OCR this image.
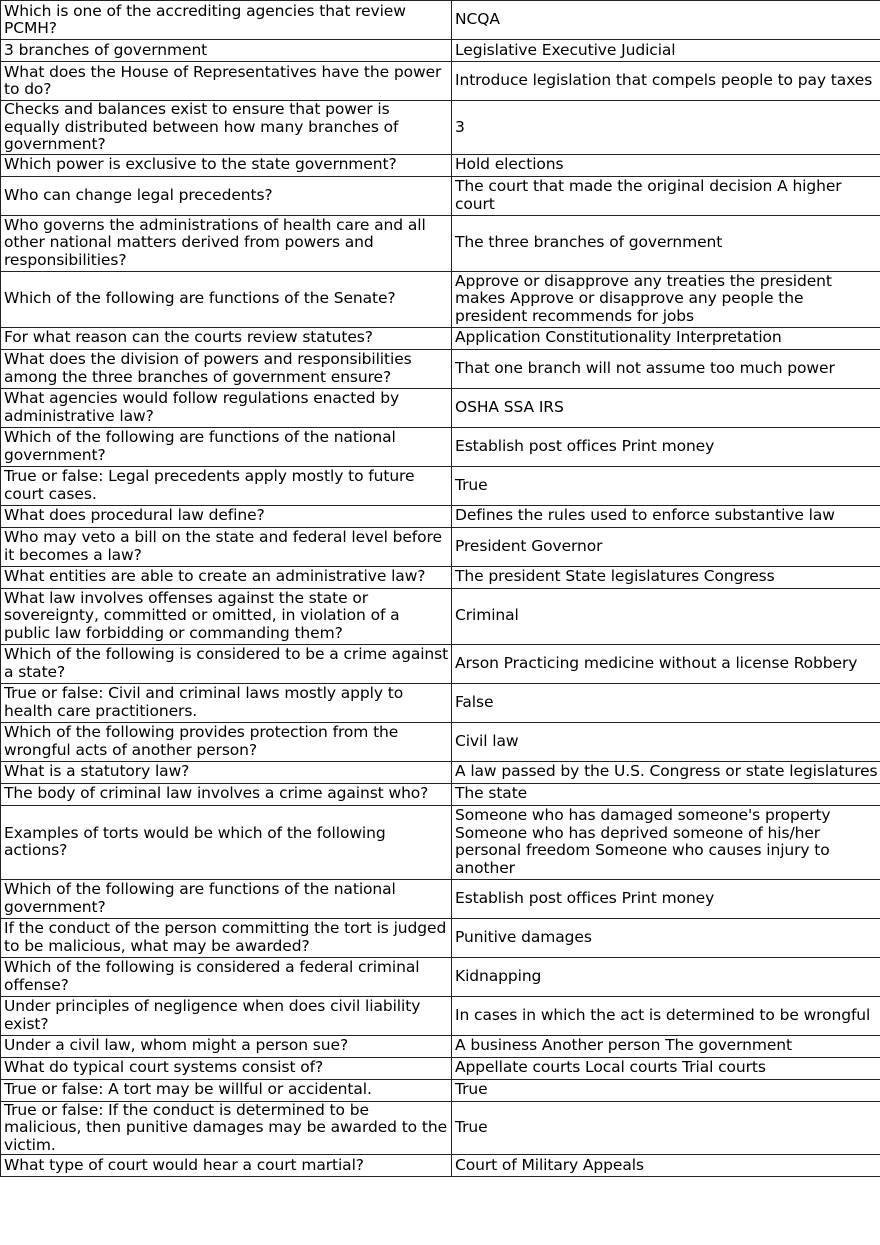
Which is one of the accrediting agencies that review PCMH?	NCQA
3 branches of government	Legislative Executive Judicial
What does the House of Representatives have the power to do?	Introduce legislation that compels people to pay taxes
Checks and balances exist to ensure that power is equally distributed between how many branches of government?	3
Which power is exclusive to the state government?	Hold elections
Who can change legal precedents?	The court that made the original decision A higher court
Who governs the administrations of health care and all other national matters derived from powers and responsibilities?	The three branches of government
Which of the following are functions of the Senate?	Approve or disapprove any treaties the president makes Approve or disapprove any people the president recommends for jobs
For what reason can the courts review statutes?	Application Constitutionality Interpretation
What does the division of powers and responsibilities among the three branches of government ensure?	That one branch will not assume too much power
What agencies would follow regulations enacted by administrative law?	OSHA SSA IRS
Which of the following are functions of the national government?	Establish post offices Print money
True or false: Legal precedents apply mostly to future court cases.	True
What does procedural law define?	Defines the rules used to enforce substantive law
Who may veto a bill on the state and federal level before it becomes a law?	President Governor
What entities are able to create an administrative law?	The president State legislatures Congress
What law involves offenses against the state or sovereignty, committed or omitted, in violation of a public law forbidding or commanding them?	Criminal
Which of the following is considered to be a crime against a state?	Arson Practicing medicine without a license Robbery
True or false: Civil and criminal laws mostly apply to health care practitioners.	False
Which of the following provides protection from the wrongful acts of another person?	Civil law
What is a statutory law?	A law passed by the U.S. Congress or state legislatures
The body of criminal law involves a crime against who?	The state
Examples of torts would be which of the following actions?	Someone who has damaged someone's property Someone who has deprived someone of his/her personal freedom Someone who causes injury to another
Which of the following are functions of the national government?	Establish post offices Print money
If the conduct of the person committing the tort is judged to be malicious, what may be awarded?	Punitive damages
Which of the following is considered a federal criminal offense?	Kidnapping
Under principles of negligence when does civil liability exist?	In cases in which the act is determined to be wrongful
Under a civil law, whom might a person sue?	A business Another person The government
What do typical court systems consist of?	Appellate courts Local courts Trial courts
True or false: A tort may be willful or accidental.	True
True or false: If the conduct is determined to be malicious, then punitive damages may be awarded to the victim.	True
What type of court would hear a court martial?	Court of Military Appeals
